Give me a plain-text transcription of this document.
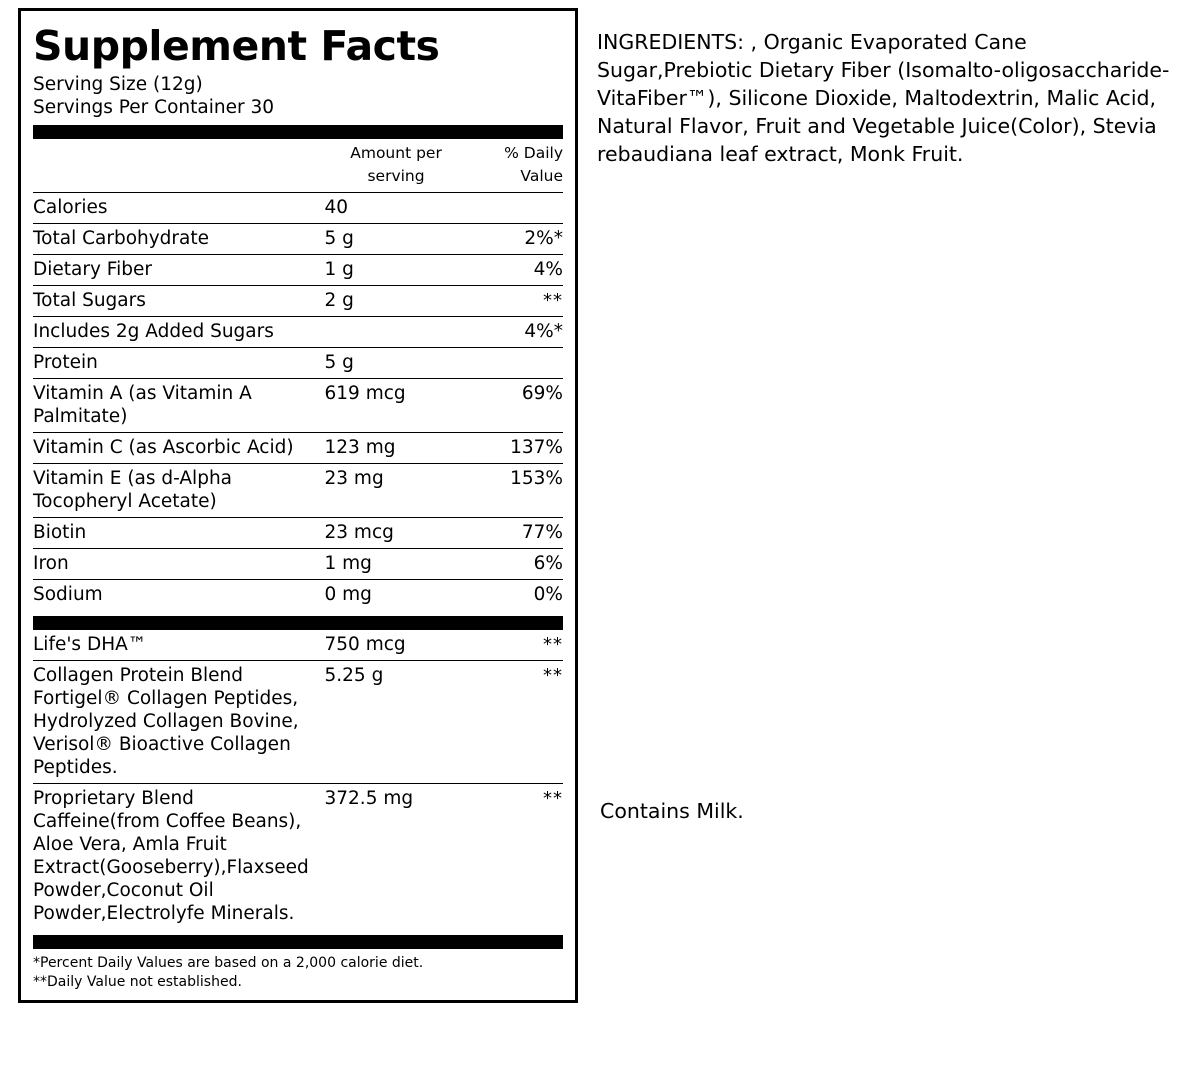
Supplement Facts
Serving Size (12g)
Servings Per Container 30
	Amount per serving	% Daily Value
Calories	40	
Total Carbohydrate	5 g	2%*
Dietary Fiber	1 g	4%
Total Sugars	2 g	**
Includes 2g Added Sugars		4%*
Protein	5 g	
Vitamin A (as Vitamin A Palmitate)	619 mcg	69%
Vitamin C (as Ascorbic Acid)	123 mg	137%
Vitamin E (as d-Alpha Tocopheryl Acetate)	23 mg	153%
Biotin	23 mcg	77%
Iron	1 mg	6%
Sodium	0 mg	0%
Life's DHA™	750 mcg	**
Collagen Protein Blend
Fortigel® Collagen Peptides, Hydrolyzed Collagen Bovine, Verisol® Bioactive Collagen Peptides.	5.25 g	**
Proprietary Blend
Caffeine(from Coffee Beans), Aloe Vera, Amla Fruit Extract(Gooseberry),Flaxseed Powder,Coconut Oil Powder,Electrolyfe Minerals.	372.5 mg	**
*Percent Daily Values are based on a 2,000 calorie diet.
**Daily Value not established.
INGREDIENTS: , Organic Evaporated Cane Sugar,Prebiotic Dietary Fiber (Isomalto-oligosaccharide-VitaFiber™), Silicone Dioxide, Maltodextrin, Malic Acid, Natural Flavor, Fruit and Vegetable Juice(Color), Stevia rebaudiana leaf extract, Monk Fruit.
Contains Milk.
